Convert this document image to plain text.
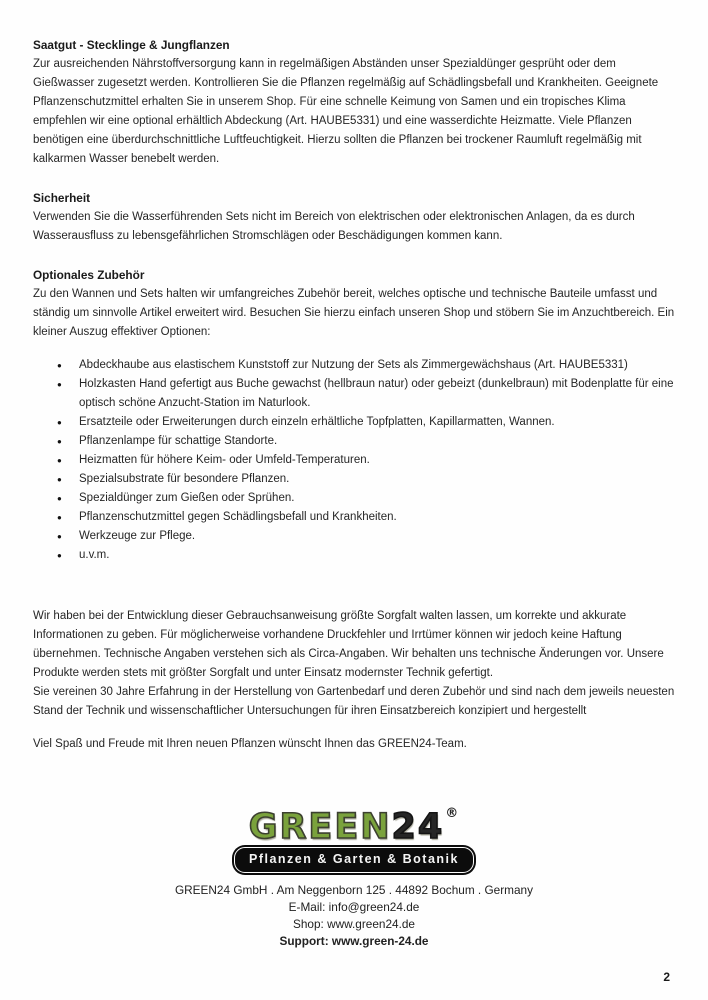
Saatgut - Stecklinge & Jungflanzen

Zur ausreichenden Nährstoffversorgung kann in regelmäßigen Abständen unser Spezialdünger gesprüht oder dem Gießwasser zugesetzt werden. Kontrollieren Sie die Pflanzen regelmäßig auf Schädlingsbefall und Krankheiten. Geeignete Pflanzenschutzmittel erhalten Sie in unserem Shop. Für eine schnelle Keimung von Samen und ein tropisches Klima empfehlen wir eine optional erhältlich Abdeckung (Art. HAUBE5331) und eine wasserdichte Heizmatte. Viele Pflanzen benötigen eine überdurchschnittliche Luftfeuchtigkeit. Hierzu sollten die Pflanzen bei trockener Raumluft regelmäßig mit kalkarmen Wasser benebelt werden.

Sicherheit

Verwenden Sie die Wasserführenden Sets nicht im Bereich von elektrischen oder elektronischen Anlagen, da es durch Wasserausfluss zu lebensgefährlichen Stromschlägen oder Beschädigungen kommen kann.

Optionales Zubehör

Zu den Wannen und Sets halten wir umfangreiches Zubehör bereit, welches optische und technische Bauteile umfasst und ständig um sinnvolle Artikel erweitert wird. Besuchen Sie hierzu einfach unseren Shop und stöbern Sie im Anzuchtbereich. Ein kleiner Auszug effektiver Optionen:

● Abdeckhaube aus elastischem Kunststoff zur Nutzung der Sets als Zimmergewächshaus (Art. HAUBE5331)
● Holzkasten Hand gefertigt aus Buche gewachst (hellbraun natur) oder gebeizt (dunkelbraun) mit Bodenplatte für eine optisch schöne Anzucht-Station im Naturlook.
● Ersatzteile oder Erweiterungen durch einzeln erhältliche Topfplatten, Kapillarmatten, Wannen.
● Pflanzenlampe für schattige Standorte.
● Heizmatten für höhere Keim- oder Umfeld-Temperaturen.
● Spezialsubstrate für besondere Pflanzen.
● Spezialdünger zum Gießen oder Sprühen.
● Pflanzenschutzmittel gegen Schädlingsbefall und Krankheiten.
● Werkzeuge zur Pflege.
● u.v.m.

Wir haben bei der Entwicklung dieser Gebrauchsanweisung größte Sorgfalt walten lassen, um korrekte und akkurate Informationen zu geben. Für möglicherweise vorhandene Druckfehler und Irrtümer können wir jedoch keine Haftung übernehmen. Technische Angaben verstehen sich als Circa-Angaben. Wir behalten uns technische Änderungen vor. Unsere Produkte werden stets mit größter Sorgfalt und unter Einsatz modernster Technik gefertigt.
Sie vereinen 30 Jahre Erfahrung in der Herstellung von Gartenbedarf und deren Zubehör und sind nach dem jeweils neuesten Stand der Technik und wissenschaftlicher Untersuchungen für ihren Einsatzbereich konzipiert und hergestellt

Viel Spaß und Freude mit Ihren neuen Pflanzen wünscht Ihnen das GREEN24-Team.

GREEN24®
Pflanzen & Garten & Botanik
GREEN24 GmbH . Am Neggenborn 125 . 44892 Bochum . Germany
E-Mail: info@green24.de
Shop: www.green24.de
Support: www.green-24.de
2
